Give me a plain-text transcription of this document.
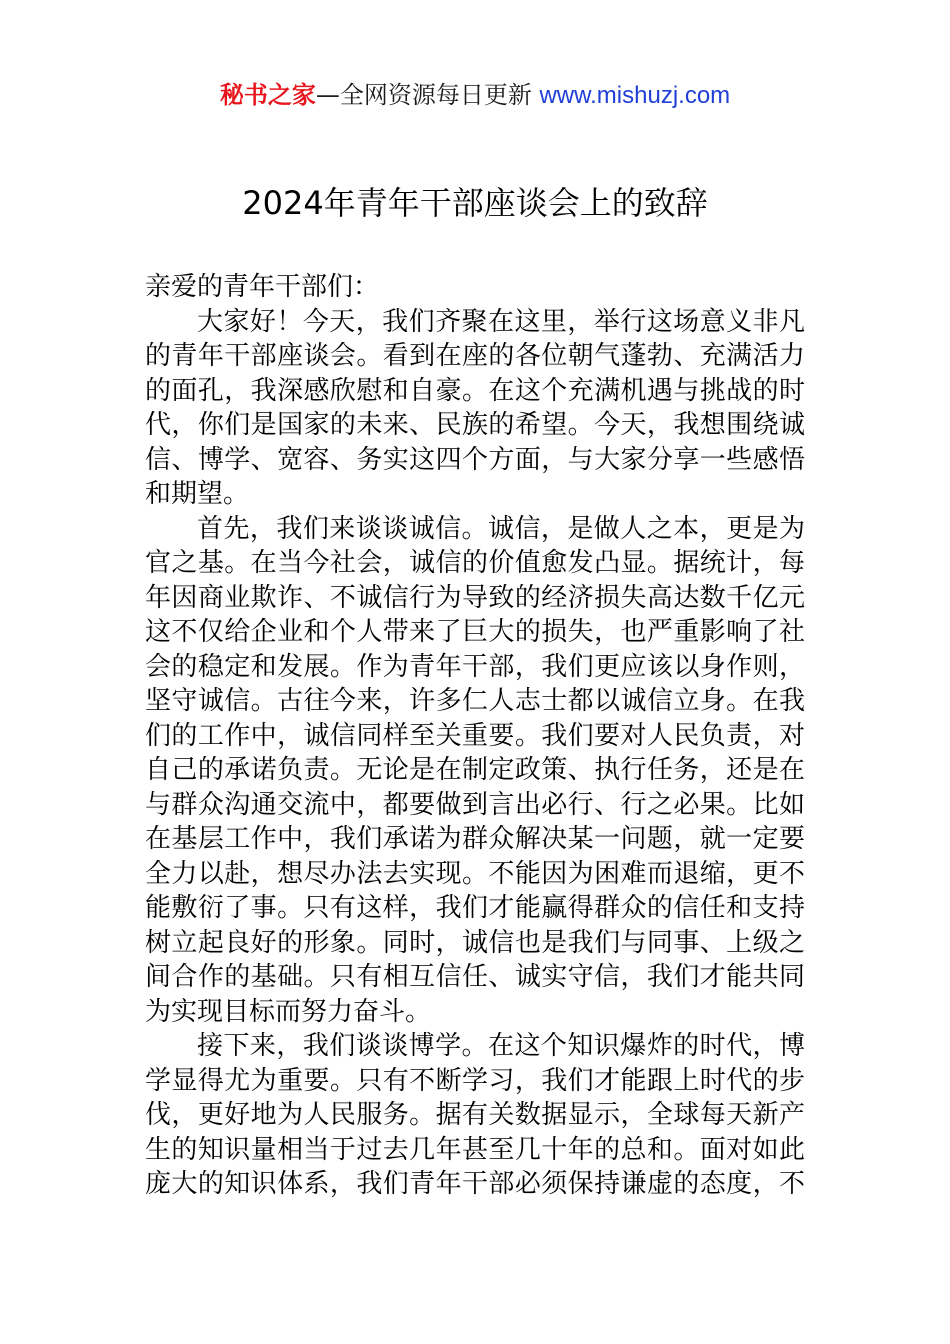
秘书之家—全网资源每日更新 www.mishuzj.com
2024年青年干部座谈会上的致辞
亲爱的青年干部们：
大家好！今天，我们齐聚在这里，举行这场意义非凡
的青年干部座谈会。看到在座的各位朝气蓬勃、充满活力
的面孔，我深感欣慰和自豪。在这个充满机遇与挑战的时
代，你们是国家的未来、民族的希望。今天，我想围绕诚
信、博学、宽容、务实这四个方面，与大家分享一些感悟
和期望。
首先，我们来谈谈诚信。诚信，是做人之本，更是为
官之基。在当今社会，诚信的价值愈发凸显。据统计，每
年因商业欺诈、不诚信行为导致的经济损失高达数千亿元
这不仅给企业和个人带来了巨大的损失，也严重影响了社
会的稳定和发展。作为青年干部，我们更应该以身作则，
坚守诚信。古往今来，许多仁人志士都以诚信立身。在我
们的工作中，诚信同样至关重要。我们要对人民负责，对
自己的承诺负责。无论是在制定政策、执行任务，还是在
与群众沟通交流中，都要做到言出必行、行之必果。比如
在基层工作中，我们承诺为群众解决某一问题，就一定要
全力以赴，想尽办法去实现。不能因为困难而退缩，更不
能敷衍了事。只有这样，我们才能赢得群众的信任和支持
树立起良好的形象。同时，诚信也是我们与同事、上级之
间合作的基础。只有相互信任、诚实守信，我们才能共同
为实现目标而努力奋斗。
接下来，我们谈谈博学。在这个知识爆炸的时代，博
学显得尤为重要。只有不断学习，我们才能跟上时代的步
伐，更好地为人民服务。据有关数据显示，全球每天新产
生的知识量相当于过去几年甚至几十年的总和。面对如此
庞大的知识体系，我们青年干部必须保持谦虚的态度，不
